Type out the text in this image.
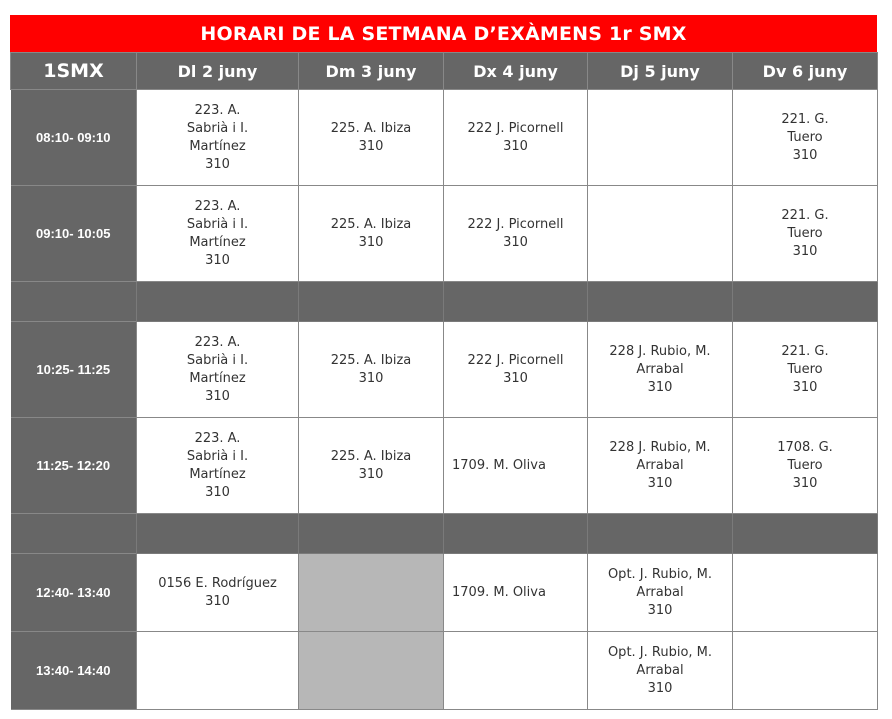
HORARI DE LA SETMANA D’EXÀMENS 1r SMX
1SMX	Dl 2 juny	Dm 3 juny	Dx 4 juny	Dj 5 juny	Dv 6 juny
08:10- 09:10	223. A.
Sabrià i I.
Martínez
310	225. A. Ibiza
310	222 J. Picornell
310		221. G.
Tuero
310

09:10- 10:05	223. A.
Sabrià i I.
Martínez
310	225. A. Ibiza
310	222 J. Picornell
310		221. G.
Tuero
310

10:25- 11:25	223. A.
Sabrià i I.
Martínez
310	225. A. Ibiza
310	222 J. Picornell
310	228 J. Rubio, M.
Arrabal
310	221. G.
Tuero
310

11:25- 12:20	223. A.
Sabrià i I.
Martínez
310	225. A. Ibiza
310	1709. M. Oliva	228 J. Rubio, M.
Arrabal
310	1708. G.
Tuero
310

12:40- 13:40	0156 E. Rodríguez
310		1709. M. Oliva	Opt. J. Rubio, M.
Arrabal
310	

13:40- 14:40				Opt. J. Rubio, M.
Arrabal
310	
